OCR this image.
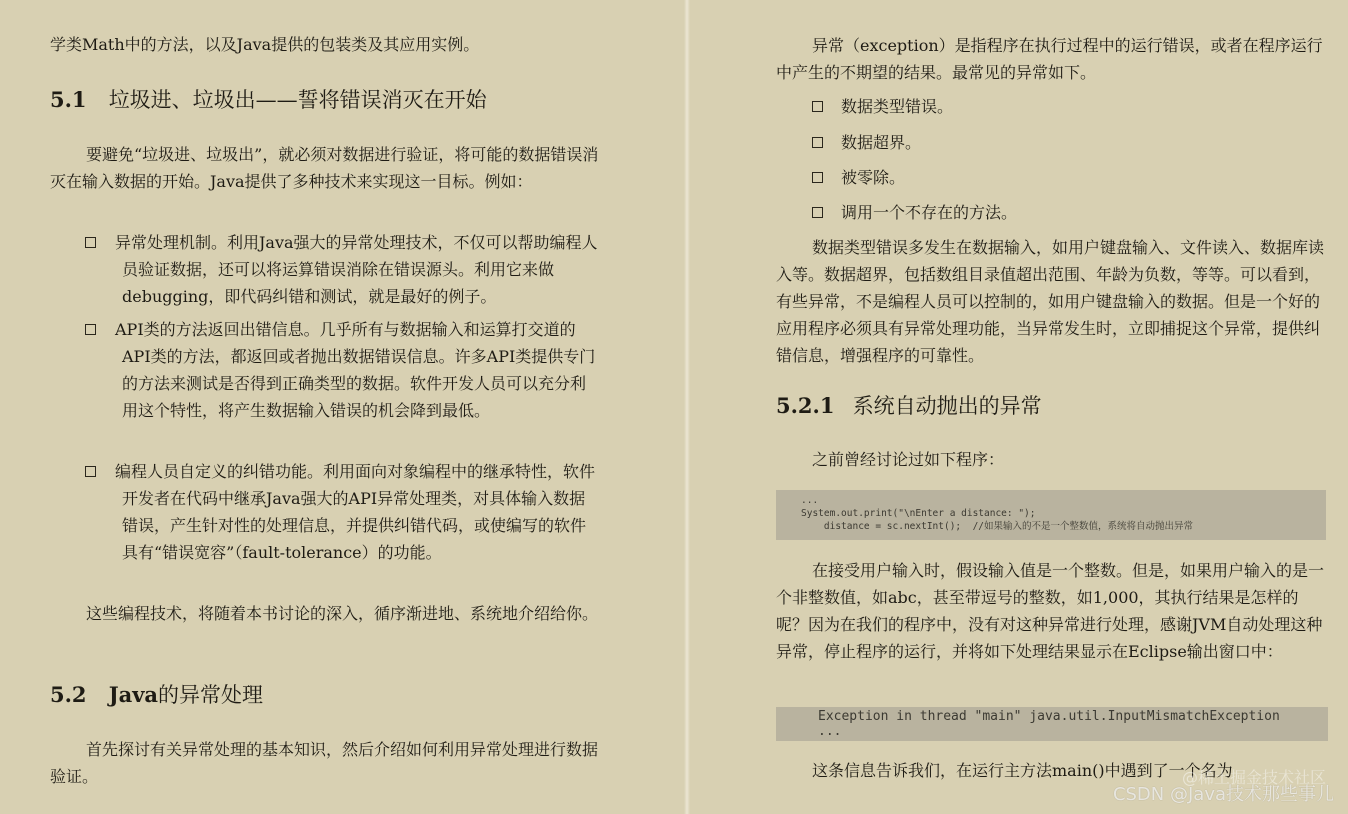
学类Math中的方法，以及Java提供的包装类及其应用实例。

5.1 垃圾进、垃圾出——誓将错误消灭在开始

要避免“垃圾进、垃圾出”，就必须对数据进行验证，将可能的数据错误消灭在输入数据的开始。Java提供了多种技术来实现这一目标。例如：

异常处理机制。利用Java强大的异常处理技术，不仅可以帮助编程人员验证数据，还可以将运算错误消除在错误源头。利用它来做debugging，即代码纠错和测试，就是最好的例子。
API类的方法返回出错信息。几乎所有与数据输入和运算打交道的API类的方法，都返回或者抛出数据错误信息。许多API类提供专门的方法来测试是否得到正确类型的数据。软件开发人员可以充分利用这个特性，将产生数据输入错误的机会降到最低。
编程人员自定义的纠错功能。利用面向对象编程中的继承特性，软件开发者在代码中继承Java强大的API异常处理类，对具体输入数据错误，产生针对性的处理信息，并提供纠错代码，或使编写的软件具有“错误宽容”（fault-tolerance）的功能。

这些编程技术，将随着本书讨论的深入，循序渐进地、系统地介绍给你。

5.2 Java的异常处理

首先探讨有关异常处理的基本知识，然后介绍如何利用异常处理进行数据验证。

异常（exception）是指程序在执行过程中的运行错误，或者在程序运行中产生的不期望的结果。最常见的异常如下。

数据类型错误。
数据超界。
被零除。
调用一个不存在的方法。

数据类型错误多发生在数据输入，如用户键盘输入、文件读入、数据库读入等。数据超界，包括数组目录值超出范围、年龄为负数，等等。可以看到，有些异常，不是编程人员可以控制的，如用户键盘输入的数据。但是一个好的应用程序必须具有异常处理功能，当异常发生时，立即捕捉这个异常，提供纠错信息，增强程序的可靠性。

5.2.1 系统自动抛出的异常

之前曾经讨论过如下程序：

...
System.out.print("\nEnter a distance: ");
distance = sc.nextInt();  //如果输入的不是一个整数值，系统将自动抛出异常

在接受用户输入时，假设输入值是一个整数。但是，如果用户输入的是一个非整数值，如abc，甚至带逗号的整数，如1,000，其执行结果是怎样的呢？因为在我们的程序中，没有对这种异常进行处理，感谢JVM自动处理这种异常，停止程序的运行，并将如下处理结果显示在Eclipse输出窗口中：

Exception in thread "main" java.util.InputMismatchException
...

这条信息告诉我们，在运行主方法main()中遇到了一个名为

@稀土掘金技术社区
CSDN @Java技术那些事儿
